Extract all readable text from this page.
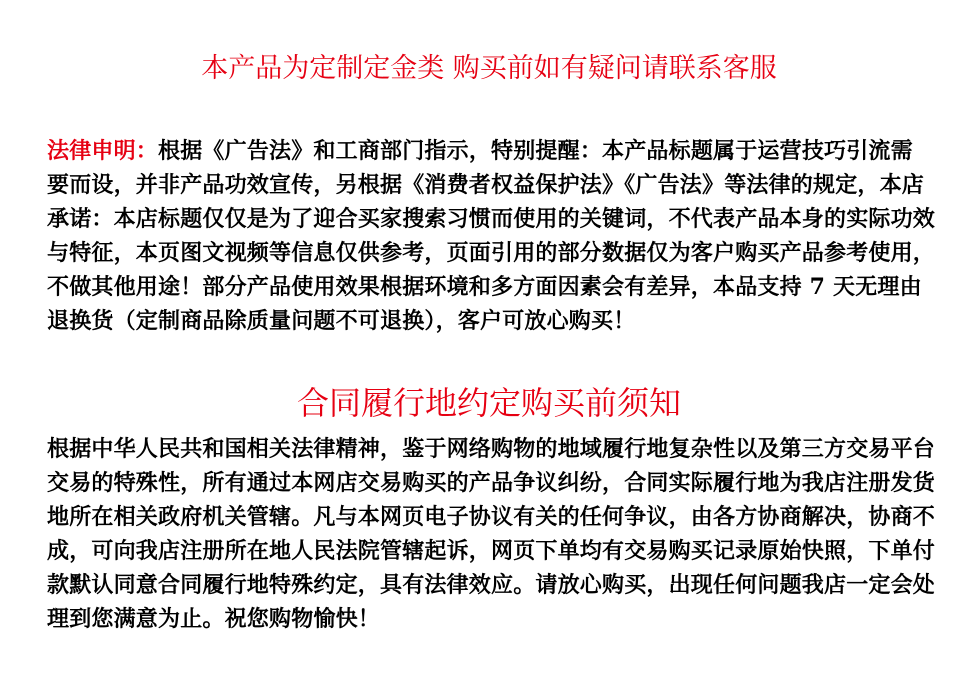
本产品为定制定金类 购买前如有疑问请联系客服
法律申明：根据《广告法》和工商部门指示，特别提醒：本产品标题属于运营技巧引流需要而设，并非产品功效宣传，另根据《消费者权益保护法》《广告法》等法律的规定，本店承诺：本店标题仅仅是为了迎合买家搜索习惯而使用的关键词，不代表产品本身的实际功效与特征，本页图文视频等信息仅供参考，页面引用的部分数据仅为客户购买产品参考使用，不做其他用途！部分产品使用效果根据环境和多方面因素会有差异，本品支持 7 天无理由退换货（定制商品除质量问题不可退换），客户可放心购买！
合同履行地约定购买前须知
根据中华人民共和国相关法律精神，鉴于网络购物的地域履行地复杂性以及第三方交易平台交易的特殊性，所有通过本网店交易购买的产品争议纠纷，合同实际履行地为我店注册发货地所在相关政府机关管辖。凡与本网页电子协议有关的任何争议，由各方协商解决，协商不成，可向我店注册所在地人民法院管辖起诉，网页下单均有交易购买记录原始快照，下单付款默认同意合同履行地特殊约定，具有法律效应。请放心购买，出现任何问题我店一定会处理到您满意为止。祝您购物愉快！
